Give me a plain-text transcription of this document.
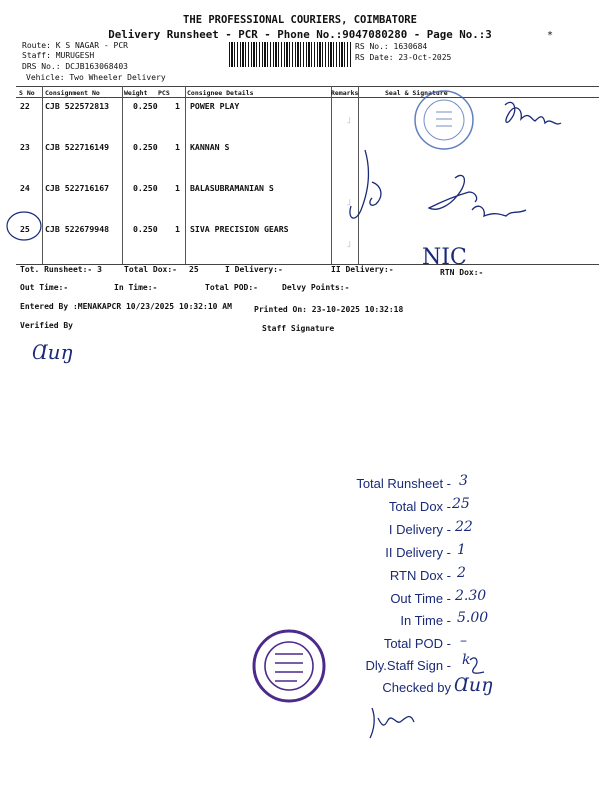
THE PROFESSIONAL COURIERS, COIMBATORE
Delivery Runsheet - PCR - Phone No.:9047080280 - Page No.:3	*
Route: K S NAGAR - PCR
Staff: MURUGESH
DRS No.: DCJB163068403
Vehicle: Two Wheeler Delivery
RS No.: 1630684
RS Date: 23-Oct-2025
S No Consignment No	Weight PCS	Consignee Details	Remarks	Seal & Signature
22 CJB 522572813	0.250 1 POWER PLAY
23 CJB 522716149	0.250 1 KANNAN S
24 CJB 522716167	0.250 1 BALASUBRAMANIAN S
25 CJB 522679948	0.250 1 SIVA PRECISION GEARS
˩
˩
˩
Tot. Runsheet:- 3	Total Dox:- 25	I Delivery:-	II Delivery:-	RTN Dox:-
NIC
Out Time:-	In Time:-	Total POD:-	Delvy Points:-
Entered By :MENAKAPCR 10/23/2025 10:32:10 AM	Printed On: 23-10-2025 10:32:18
Verified By	Staff Signature
Ɑuŋ
Total Runsheet - 3
Total Dox - 25
I Delivery - 22
II Delivery - 1
RTN Dox - 2
Out Time - 2.30
In Time - 5.00
Total POD - –
Dly.Staff Sign - k
Checked by Ɑuŋ
